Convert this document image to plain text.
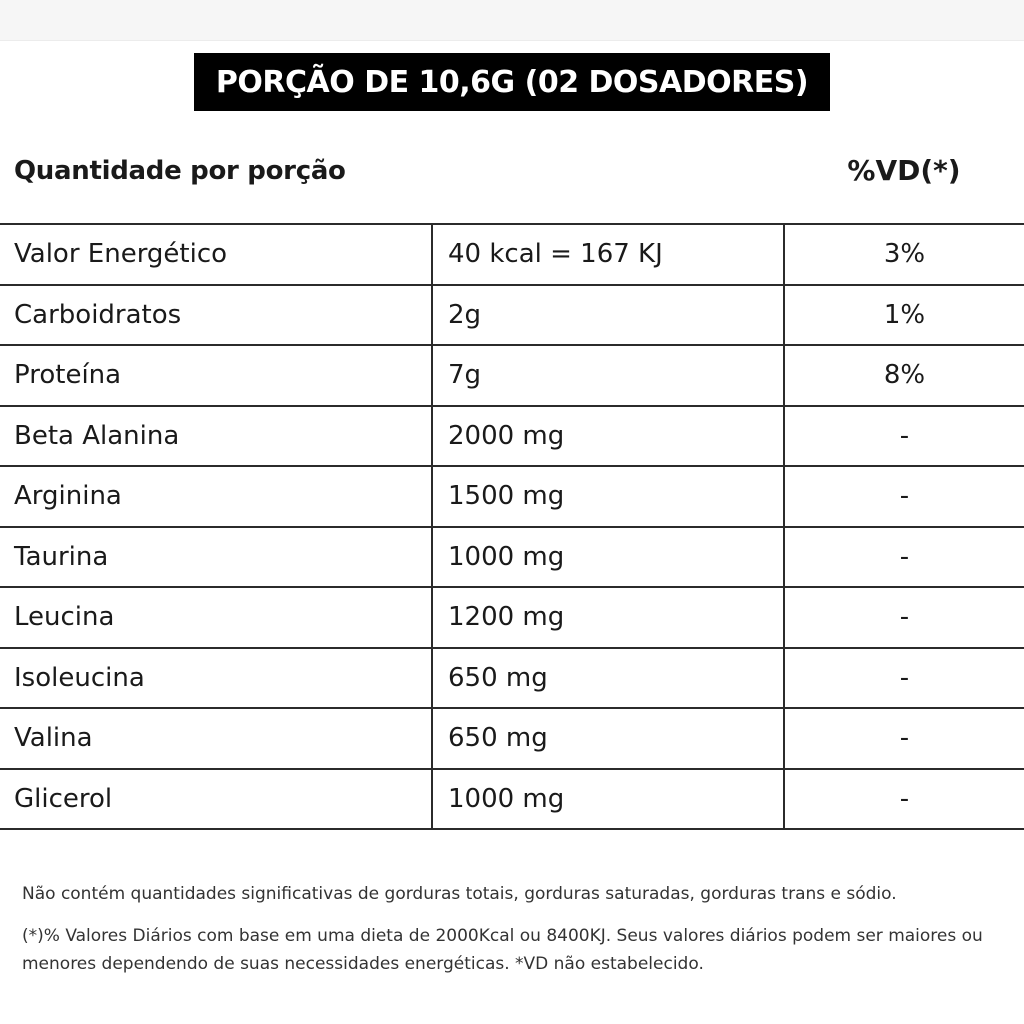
PORÇÃO DE 10,6G (02 DOSADORES)
Quantidade por porção	%VD(*)
Valor Energético	40 kcal = 167 KJ	3%
Carboidratos	2g	1%
Proteína	7g	8%
Beta Alanina	2000 mg	-
Arginina	1500 mg	-
Taurina	1000 mg	-
Leucina	1200 mg	-
Isoleucina	650 mg	-
Valina	650 mg	-
Glicerol	1000 mg	-
Não contém quantidades significativas de gorduras totais, gorduras saturadas, gorduras trans e sódio.
(*)% Valores Diários com base em uma dieta de 2000Kcal ou 8400KJ. Seus valores diários podem ser maiores ou menores dependendo de suas necessidades energéticas. *VD não estabelecido.
